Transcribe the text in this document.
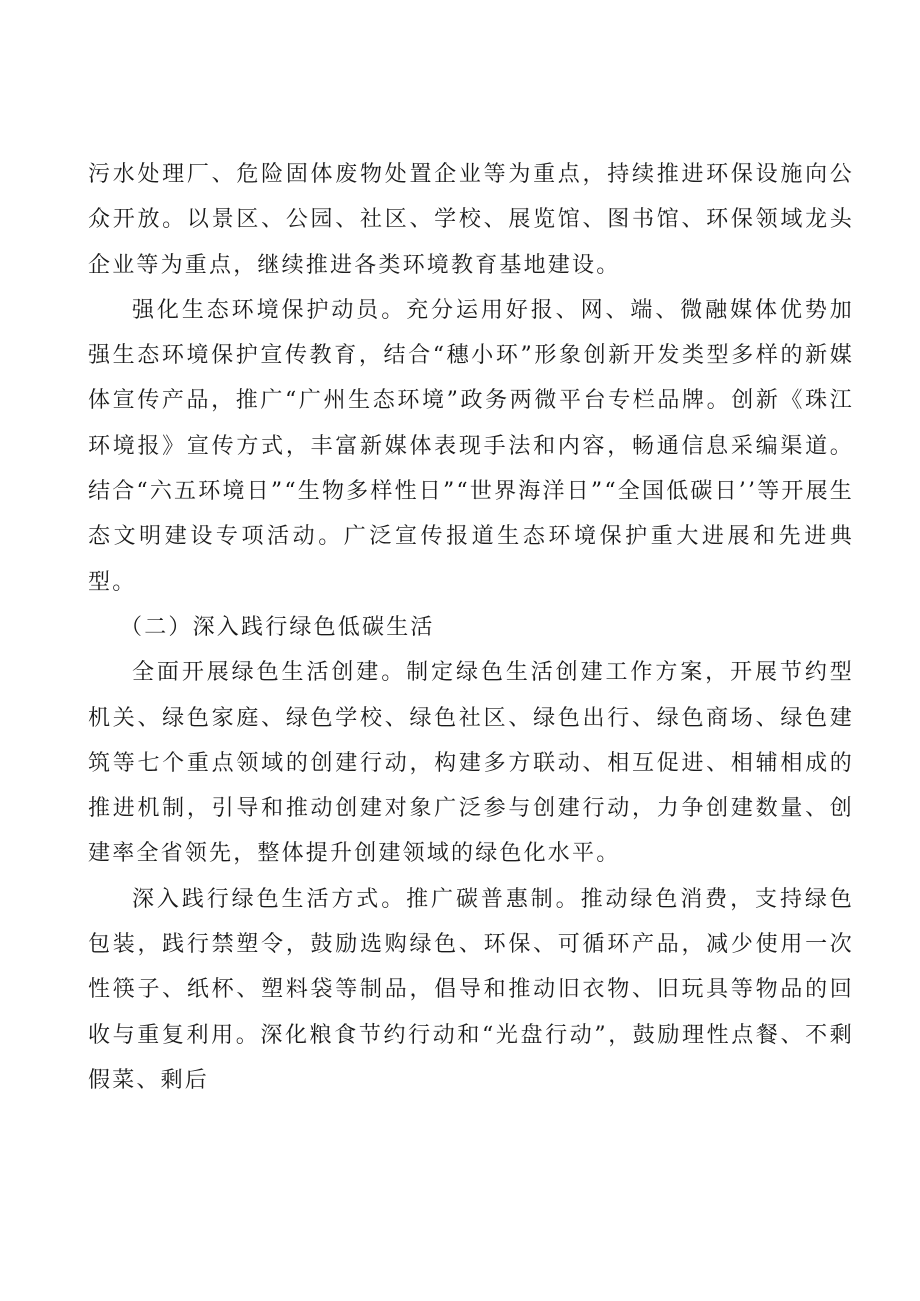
污水处理厂、危险固体废物处置企业等为重点，持续推进环保设施向公众开放。以景区、公园、社区、学校、展览馆、图书馆、环保领域龙头企业等为重点，继续推进各类环境教育基地建设。

强化生态环境保护动员。充分运用好报、网、端、微融媒体优势加强生态环境保护宣传教育，结合“穗小环”形象创新开发类型多样的新媒体宣传产品，推广“广州生态环境”政务两微平台专栏品牌。创新《珠江环境报》宣传方式，丰富新媒体表现手法和内容，畅通信息采编渠道。结合“六五环境日”“生物多样性日”“世界海洋日”“全国低碳日’’等开展生态文明建设专项活动。广泛宣传报道生态环境保护重大进展和先进典型。

（二）深入践行绿色低碳生活

全面开展绿色生活创建。制定绿色生活创建工作方案，开展节约型机关、绿色家庭、绿色学校、绿色社区、绿色出行、绿色商场、绿色建筑等七个重点领域的创建行动，构建多方联动、相互促进、相辅相成的推进机制，引导和推动创建对象广泛参与创建行动，力争创建数量、创建率全省领先，整体提升创建领域的绿色化水平。

深入践行绿色生活方式。推广碳普惠制。推动绿色消费，支持绿色包装，践行禁塑令，鼓励选购绿色、环保、可循环产品，减少使用一次性筷子、纸杯、塑料袋等制品，倡导和推动旧衣物、旧玩具等物品的回收与重复利用。深化粮食节约行动和“光盘行动”，鼓励理性点餐、不剩假菜、剩后
